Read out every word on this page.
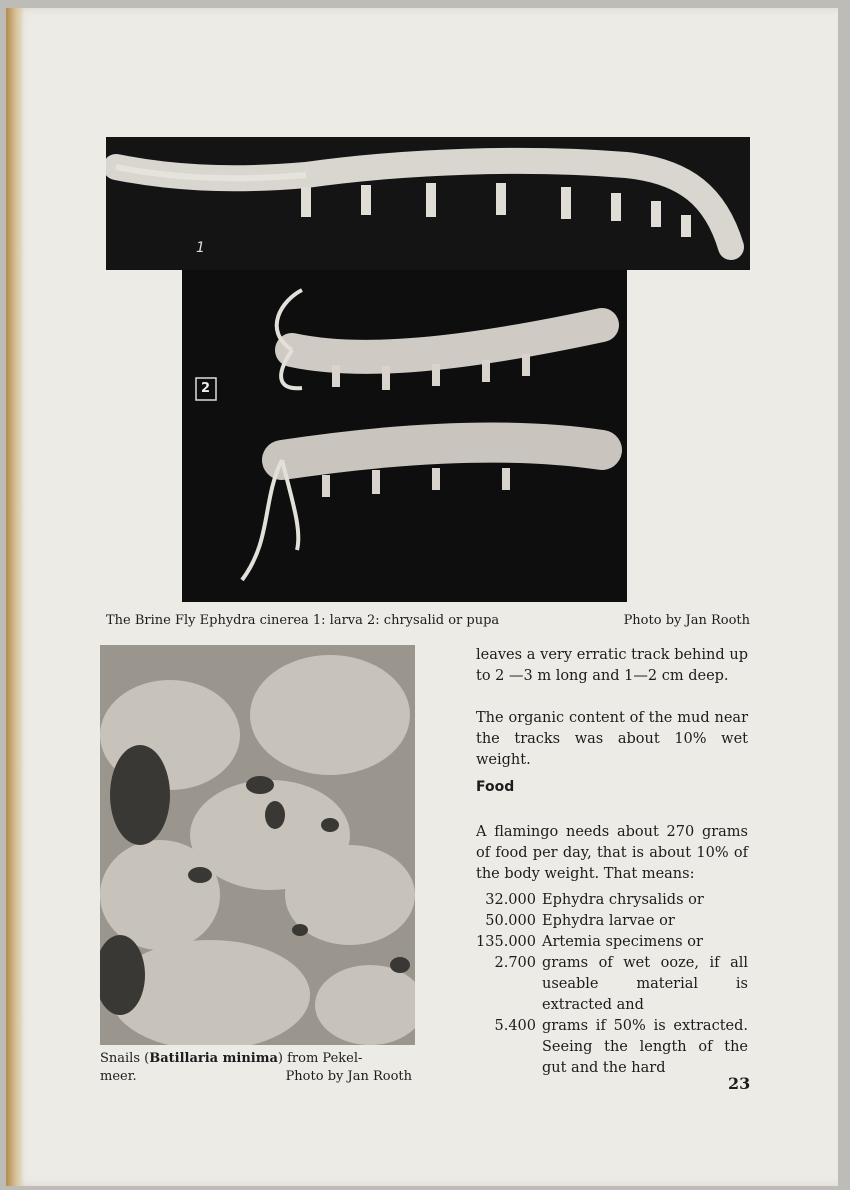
1
2
The Brine Fly Ephydra cinerea 1: larva 2: chrysalid or pupa	Photo by Jan Rooth
Snails (Batillaria minima) from Pekel-
meer.	Photo by Jan Rooth

leaves a very erratic track behind up to 2 —3 m long and 1—2 cm deep.

The organic content of the mud near the tracks was about 10% wet weight.

Food

A flamingo needs about 270 grams of food per day, that is about 10% of the body weight. That means:

32.000 Ephydra chrysalids or
50.000 Ephydra larvae or
135.000 Artemia specimens or
2.700 grams of wet ooze, if all useable material is extracted and
5.400 grams if 50% is extracted. Seeing the length of the gut and the hard
23
